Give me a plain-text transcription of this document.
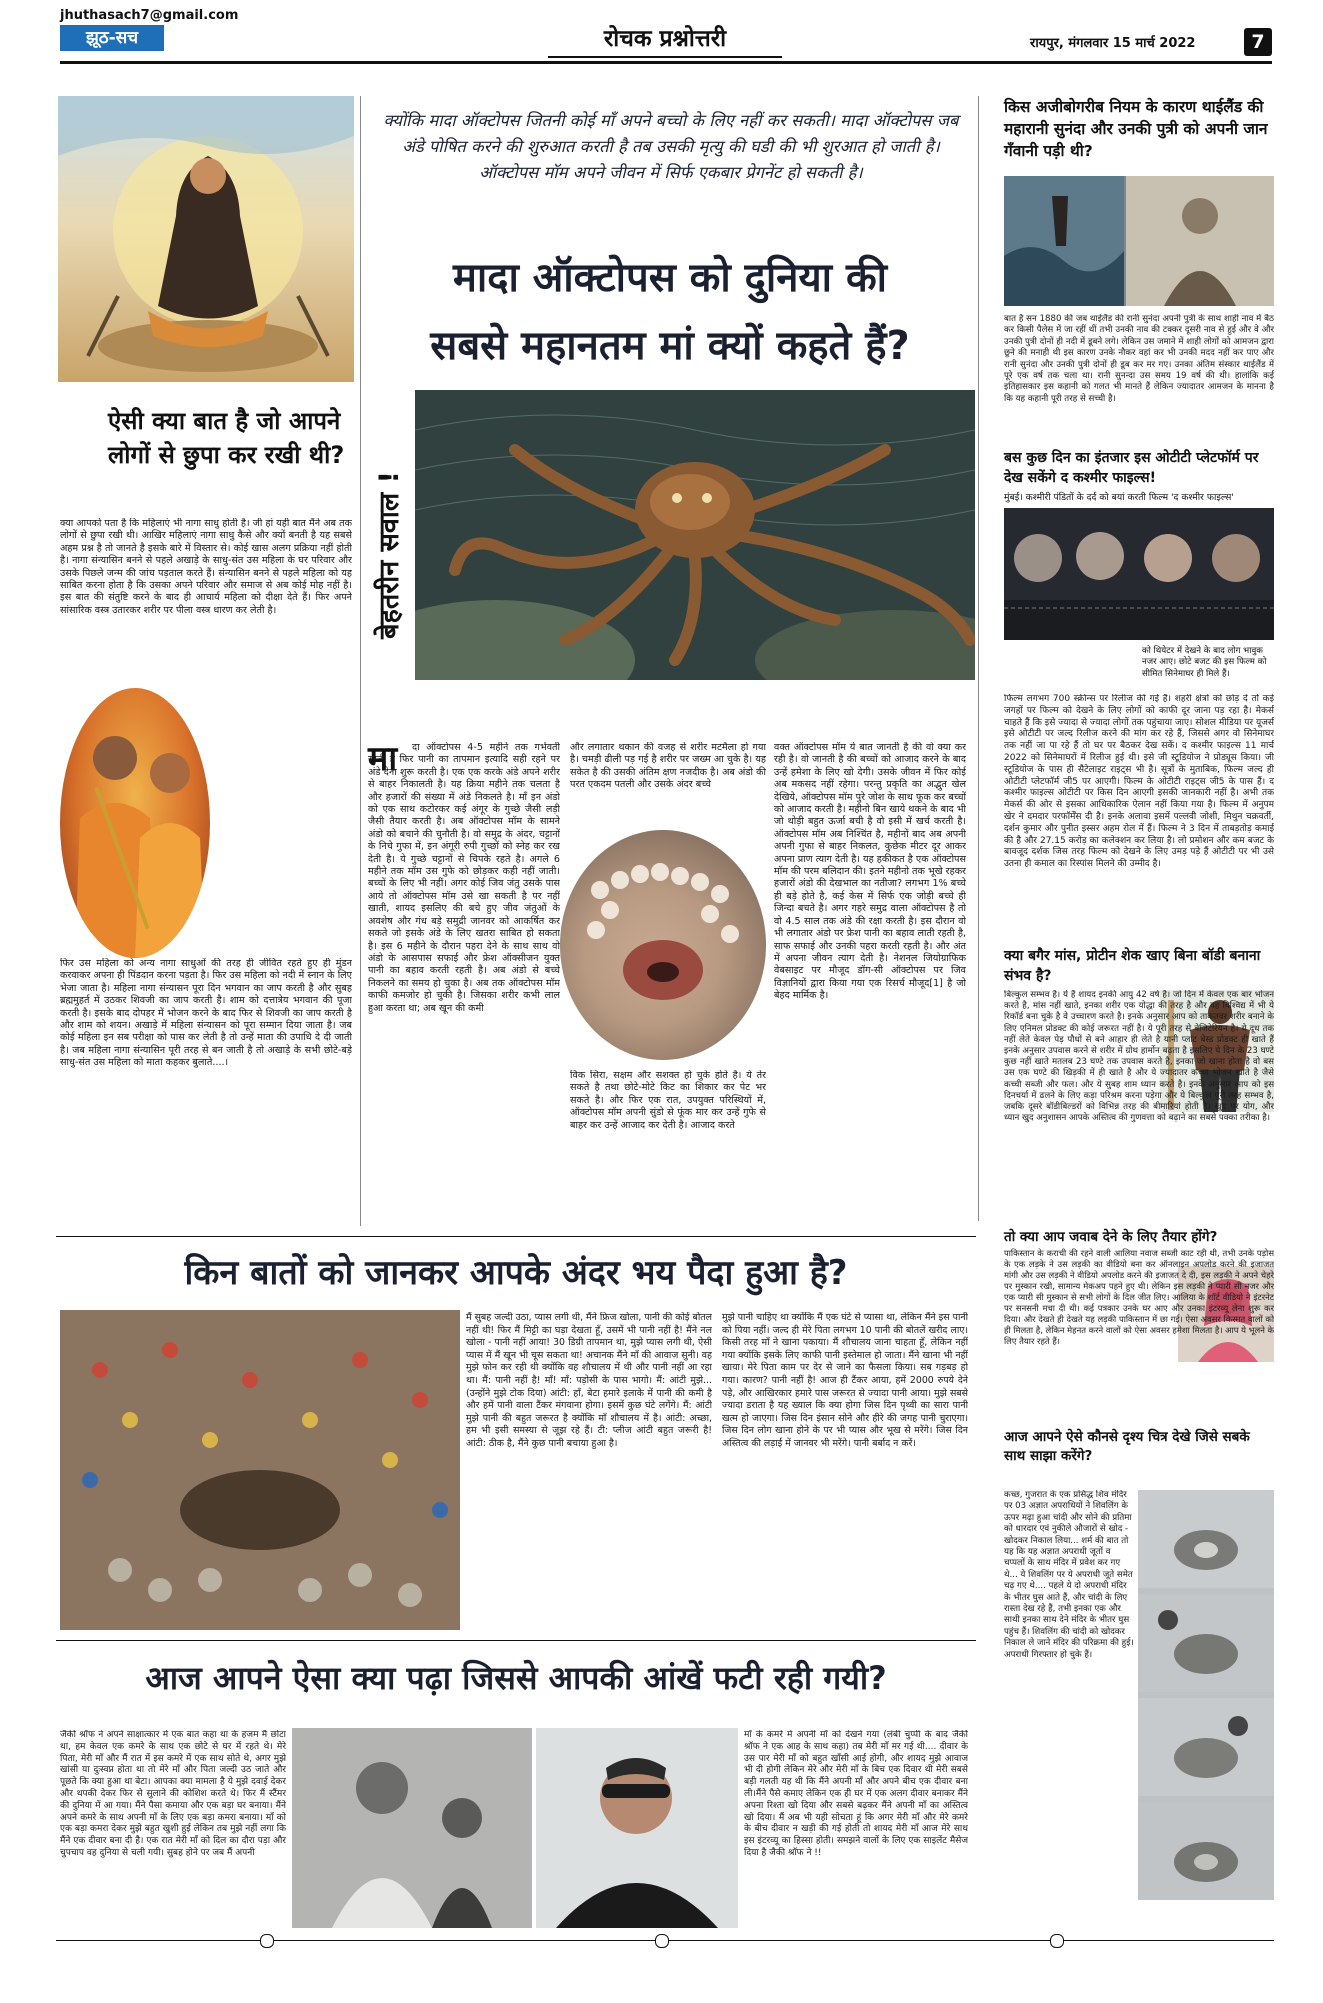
jhuthasach7@gmail.com
झूठ-सच	रोचक प्रश्नोत्तरी	रायपुर, मंगलवार 15 मार्च 2022	7
ऐसी क्या बात है जो आपने लोगों से छुपा कर रखी थी?
क्या आपको पता है कि महिलाएं भी नागा साधु होती है। जी हां यही बात मैंने अब तक लोगों से छुपा रखी थी। आखिर महिलाएं नागा साधु कैसे और क्यों बनती है यह सबसे अहम प्रश्न है तो जानते है इसके बारे में विस्तार से। कोई खास अलग प्रक्रिया नहीं होती है। नागा संन्यासिन बनने से पहले अखाड़े के साधु-संत उस महिला के घर परिवार और उसके पिछले जन्म की जांच पड़ताल करते हैं। संन्यासिन बनने से पहले महिला को यह साबित करना होता है कि उसका अपने परिवार और समाज से अब कोई मोह नहीं है। इस बात की संतुष्टि करने के बाद ही आचार्य महिला को दीक्षा देते हैं। फिर अपने सांसारिक वस्त्र उतारकर शरीर पर पीला वस्त्र धारण कर लेती है।
फिर उस महिला को अन्य नागा साधुओं की तरह ही जीवित रहते हुए ही मुंडन करवाकर अपना ही पिंडदान करना पड़ता है। फिर उस महिला को नदी में स्नान के लिए भेजा जाता है। महिला नागा संन्यासन पूरा दिन भगवान का जाप करती है और सुबह ब्रह्ममुहर्त में उठकर शिवजी का जाप करती है। शाम को दत्तात्रेय भगवान की पूजा करती है। इसके बाद दोपहर में भोजन करने के बाद फिर से शिवजी का जाप करती है और शाम को शयन। अखाड़े में महिला संन्यासन को पूरा सम्मान दिया जाता है। जब कोई महिला इन सब परीक्षा को पास कर लेती है तो उन्हें माता की उपाधि दे दी जाती है। जब महिला नागा संन्यासिन पूरी तरह से बन जाती है तो अखाड़े के सभी छोटे-बड़े साधु-संत उस महिला को माता कहकर बुलाते....।
क्योंकि मादा ऑक्टोपस जितनी कोई माँ अपने बच्चो के लिए नहीं कर सकती। मादा ऑक्टोपस जब अंडे पोषित करने की शुरुआत करती है तब उसकी मृत्यु की घडी की भी शुरआत हो जाती है। ऑक्टोपस मॉम अपने जीवन में सिर्फ एकबार प्रेगनेंट हो सकती है।
मादा ऑक्टोपस को दुनिया की
सबसे महानतम मां क्यों कहते हैं?
बेहतरीन सवाल !
मा	दा ऑक्टोपस 4-5 महीने तक गर्भवती रहती है फिर पानी का तापमान इत्यादि सही रहने पर अंडे देना शुरू करती है। एक एक करके अंडे अपने शरीर से बाहर निकालती है। यह क्रिया महीने तक चलता है और हजारों की संख्या में अंडे निकलते है। माँ इन अंडो को एक साथ कटोरकर कई अंगूर के गुच्छे जैसी लड़ी जैसी तैयार करती है। अब ऑक्टोपस मॉम के सामने अंडो को बचाने की चुनौती है। वो समुद्र के अंदर, चट्टानों के निचे गुफा में, इन अंगूरी रुपी गुच्छों को स्नेह कर रख देती है। ये गुच्छे चट्टानों से चिपके रहते है। अगले 6 महीने तक मॉम उस गुफे को छोड़कर कही नहीं जाती। बच्चों के लिए भी नहीं। अगर कोई जिव जंतु उसके पास आये तो ऑक्टोपस मॉम उसे खा सकती है पर नहीं खाती, शायद इसलिए की बचे हुए जीव जंतुओं के अवशेष और गंध बड़े समुद्री जानवर को आकर्षित कर सकते जो इसके अंडे के लिए खतरा साबित हो सकता है। इस 6 महीने के दौरान पहरा देने के साथ साथ वो अंडो के आसपास सफाई और फ्रेश ऑक्सीजन युक्त पानी का बहाव करती रहती है। अब अंडो से बच्चे निकलने का समय हो चुका है। अब तक ऑक्टोपस मॉम काफी कमजोर हो चुकी है। जिसका शरीर कभी लाल हुआ करता था; अब खून की कमी
और लगातार थकान की वजह से शरीर मटमैला हो गया है। चमड़ी ढीली पड़ गई है शरीर पर जख्म आ चुके है। यह सकेत है की उसकी अंतिम क्षण नजदीक है। अब अंडो की परत एकदम पतली और उसके अंदर बच्चे
विक सिरा, सक्षम और सशक्त हो चुके होते है। ये तेर सकते है तथा छोटे-मोटे किट का शिकार कर पेट भर सकते है। और फिर एक रात, उपयुक्त परिस्थियों में, ऑक्टोपस मॉम अपनी सुंडो से फूंक मार कर उन्हें गुफे से बाहर कर उन्हें आजाद कर देती है। आजाद करते
वक्त ऑक्टोपस मॉम ये बात जानती है की वो क्या कर रही है। वो जानती है की बच्चों को आजाद करने के बाद उन्हें हमेशा के लिए खो देगी। उसके जीवन में फिर कोई अब मकसद नहीं रहेगा। परन्तु प्रकृति का अद्भुत खेल देखिये, ऑक्टोपस मॉम पुरे जोश के साथ फूक कर बच्चों को आजाद करती है। महीनो बिन खाये थकने के बाद भी जो थोड़ी बहुत ऊर्जा बची है वो इसी में खर्च करती है। ऑक्टोपस मॉम अब निश्चिंत है, महीनों बाद अब अपनी अपनी गुफा से बाहर निकलत, कुछेक मीटर दूर आकर अपना प्राण त्याग देती है। यह हकीकत है एक ऑक्टोपस मॉम की परम बलिदान की। इतने महीनो तक भूखे रहकर हजारों अंडो की देखभाल का नतीजा? लगभग 1% बच्चे ही बड़े होते है, कई केस में सिर्फ एक जोड़ी बच्चे ही जिन्दा बचते है। अगर गहरे समुद्र वाला ऑक्टोपस है तो वो 4.5 साल तक अंडे की रक्षा करती है। इस दौरान वो भी लगातार अंडो पर फ्रेश पानी का बहाव लाती रहती है, साफ सफाई और उनकी पहरा करती रहती है। और अंत में अपना जीवन त्याग देती है। नेशनल जियोग्राफिक वेबसाइट पर मौजूद डॉग-सी ऑक्टोपस पर जिव विज्ञानियों द्वारा किया गया एक रिसर्च मौजूद[1] है जो बेहद मार्मिक है।
किस अजीबोगरीब नियम के कारण थाईलैंड की महारानी सुनंदा और उनकी पुत्री को अपनी जान गँवानी पड़ी थी?
बात है सन 1880 की जब थाईलैंड की रानी सुनंदा अपनी पुत्री के साथ शाही नाव में बैठ कर किसी पैलेस में जा रहीं थीं तभी उनकी नाव की टक्कर दूसरी नाव से हुई और वे और उनकी पुत्री दोनों ही नदी में डूबने लगे। लेकिन उस जमाने में शाही लोगों को आमजन द्वारा छूने की मनाही थी इस कारण उनके नौकर वहां कर भी उनकी मदद नहीं कर पाए और रानी सुनंदा और उनकी पुत्री दोनों ही डूब कर मर गए। उनका अंतिम संस्कार थाईलैंड में पूरे एक वर्ष तक चला था। रानी सुनन्दा उस समय 19 वर्ष की थी। हालांकि कई इतिहासकार इस कहानी को गलत भी मानते हैं लेकिन ज्यादातर आमजन के मानना है कि यह कहानी पूरी तरह से सच्ची है।
बस कुछ दिन का इंतजार इस ओटीटी प्लेटफॉर्म पर देख सकेंगे द कश्मीर फाइल्स!
मुंबई। कश्मीरी पंडितों के दर्द को बयां करती फिल्म 'द कश्मीर फाइल्स'
को थियेटर में देखने के बाद लोग भावुक नजर आए। छोटे बजट की इस फिल्म को सीमित सिनेमाघर ही मिले हैं।
फिल्म लगभग 700 स्क्रीन्स पर रिलीज की गई है। शहरी क्षेत्रों को छोड़ दें तो कई जगहों पर फिल्म को देखने के लिए लोगों को काफी दूर जाना पड़ रहा है। मेकर्स चाहते हैं कि इसे ज्यादा से ज्यादा लोगों तक पहुंचाया जाए। सोशल मीडिया पर यूजर्स इसे ओटीटी पर जल्द रिलीज करने की मांग कर रहे हैं, जिससे अगर वो सिनेमाघर तक नहीं जा पा रहे हैं तो घर पर बैठकर देख सकें। द कश्मीर फाइल्स 11 मार्च 2022 को सिनेमाघरों में रिलीज हुई थी। इसे जी स्टूडियोज ने प्रोड्यूस किया। जी स्टूडियोज के पास ही सैटेलाइट राइट्स भी है। सूत्रों के मुताबिक, फिल्म जल्द ही ओटीटी प्लेटफॉर्म जी5 पर आएगी। फिल्म के ओटीटी राइट्स जी5 के पास हैं। द कश्मीर फाइल्स ओटीटी पर किस दिन आएगी इसकी जानकारी नहीं है। अभी तक मेकर्स की ओर से इसका आधिकारिक ऐलान नहीं किया गया है। फिल्म में अनुपम खेर ने दमदार परफॉर्मेंस दी है। इनके अलावा इसमें पल्लवी जोशी, मिथुन चक्रवर्ती, दर्शन कुमार और पुनीत इस्सर अहम रोल में हैं। फिल्म ने 3 दिन में ताबड़तोड़ कमाई की है और 27.15 करोड़ का कलेक्शन कर लिया है। लो प्रमोशन और कम बजट के बावजूद दर्शक जिस तरह फिल्म को देखने के लिए उमड़ पड़े हैं ओटीटी पर भी उसे उतना ही कमाल का रिस्पांस मिलने की उम्मीद है।
क्या बगैर मांस, प्रोटीन शेक खाए बिना बॉडी बनाना संभव है?
बिल्कुल सम्भव है। ये हैं शायद इनकी आयु 42 वर्ष है। जो दिन में केवल एक बार भोजन करते है, मांस नहीं खाते, इनका शरीर एक योद्धा की तरह है और वह विश्विद्य में भी ये रिकॉर्ड बना चुके है वे उच्चारण करते है। इनके अनुसार आप को ताकतवर शरीर बनाने के लिए एनिमल प्रोडक्ट की कोई जरूरत नहीं है। ये पूरी तरह से वेजिटेरियन है। ये दूध तक नहीं लेते केवल पेड़ पौधों से बने आहार ही लेते है यानी प्लांट बेस्ड प्रोडक्ट ही खाते हैं इनके अनुसार उपवास करने से शरीर में ग्रोथ हार्मोन बढ़ता है इसलिए ये दिन के 23 घण्टे कुछ नहीं खाते मतलब 23 घण्टे तक उपवास करते है, इनका जो खाना होता है वो बस उस एक घण्टे की खिड़की में ही खाते है और ये ज्यादातर कच्चा भोजन खाते है जैसे कच्ची सब्जी और फल। और ये सुबह शाम ध्यान करते है। इनके अनुसार आप को इस दिनचर्या में ढलने के लिए कड़ा परिश्रम करना पड़ेगा और ये बिल्कुल पूरी तरह सम्भव है, जबकि दूसरे बॉडीबिल्डरों को विभिन्न तरह की बीमारियां होती है। खुद पर योग, और ध्यान खुद अनुशासन आपके अस्तित्व की गुणवत्ता को बढ़ाने का सबसे पक्का तरीका है।
किन बातों को जानकर आपके अंदर भय पैदा हुआ है?
मैं सुबह जल्दी उठा, प्यास लगी थी, मैंने फ्रिज खोला, पानी की कोई बोतल नहीं थी! फिर मैं मिट्टी का घड़ा देखता हूँ, उसमें भी पानी नहीं है! मैंने नल खोला - पानी नहीं आया! 30 डिग्री तापमान था, मुझे प्यास लगी थी, ऐसी प्यास में मैं खून भी चूस सकता था! अचानक मैंने माँ की आवाज सुनी। वह मुझे फोन कर रही थी क्योंकि वह शौचालय में थी और पानी नहीं आ रहा था। मैं: पानी नहीं है! माँ! माँ: पड़ोसी के पास भागो। मैं: आंटी मुझे... (उन्होंने मुझे टोक दिया) आंटी: हाँ, बेटा हमारे इलाके में पानी की कमी है और हमें पानी वाला टैंकर मंगवाना होगा। इसमें कुछ घंटे लगेंगे। मैं: आंटी मुझे पानी की बहुत जरूरत है क्योंकि माँ शौचालय में है। आंटी: अच्छा, हम भी इसी समस्या से जूझ रहे हैं। टी: प्लीज आंटी बहुत जरूरी है! आंटी: ठीक है, मैंने कुछ पानी बचाया हुआ है।
मुझे पानी चाहिए था क्योंकि मैं एक घंटे से प्यासा था, लेकिन मैंने इस पानी को पिया नहीं। जल्द ही मेरे पिता लगभग 10 पानी की बोतलें खरीद लाए। किसी तरह माँ ने खाना पकाया। मैं शौचालय जाना चाहता हूँ, लेकिन नहीं गया क्योंकि इसके लिए काफी पानी इस्तेमाल हो जाता। मैंने खाना भी नहीं खाया। मेरे पिता काम पर देर से जाने का फैसला किया। सब गड़बड़ हो गया। कारण? पानी नहीं है! आज ही टैंकर आया, हमें 2000 रुपये देने पड़े, और आखिरकार हमारे पास जरूरत से ज्यादा पानी आया। मुझे सबसे ज्यादा डराता है यह ख्याल कि क्या होगा जिस दिन पृथ्वी का सारा पानी खत्म हो जाएगा। जिस दिन इंसान सोने और हीरे की जगह पानी चुराएगा। जिस दिन लोग खाना होने के पर भी प्यास और भूख से मरेंगे। जिस दिन अस्तित्व की लड़ाई में जानवर भी मरेंगे। पानी बर्बाद न करें।
तो क्या आप जवाब देने के लिए तैयार होंगे?
पाकिस्तान के कराची की रहने वाली आलिया नवाज सब्जी काट रही थी, तभी उनके पड़ोस के एक लड़के ने उस लड़की का वीडियो बना कर ऑनलाइन अपलोड करने की इजाजत मांगी और उस लड़की ने वीडियो अपलोड करने की इजाजत दे दी, इस लड़की ने अपने चेहरे पर मुस्कान रखी, सामान्य मेकअप पहने हुए थी। लेकिन इस लड़की ने प्यारी सी नजर और एक प्यारी सी मुस्कान से सभी लोगों के दिल जीत लिए। आलिया के शॉर्ट वीडियो ने इंटरनेट पर सनसनी मचा दी थी। कई पत्रकार उनके घर आए और उनका इंटरव्यू लेना शुरू कर दिया। और देखते ही देखते यह लड़की पाकिस्तान में छा गई। ऐसा अवसर किस्मत वालों को ही मिलता है, लेकिन मेहनत करने वालों को ऐसा अवसर हमेशा मिलता है। आप ये भूलने के लिए तैयार रहते हैं।
आज आपने ऐसे कौनसे दृश्य चित्र देखे जिसे सबके साथ साझा करेंगे?
कच्छ, गुजरात के एक प्रसिद्ध शिव मंदिर पर 03 अज्ञात अपराधियों ने शिवलिंग के ऊपर मढ़ा हुआ चांदी और सोने की प्रतिमा को धारदार एवं नुकीले औजारों से खोद - खोदकर निकाल लिया... शर्म की बात तो यह कि यह अज्ञात अपराधी जूतों व चप्पलों के साथ मंदिर में प्रवेश कर गए थे... ये शिवलिंग पर ये अपराधी जूते समेत चढ़ गए थे.... पहले ये दो अपराधी मंदिर के भीतर घुस आते हैं, और चांदी के लिए रास्ता देख रहे हैं, तभी इनका एक और साथी इनका साथ देने मंदिर के भीतर घुस पहुंच हैं। शिवलिंग की चांदी को खोदकर निकाल ले जाने मंदिर की परिक्रमा की हुई। अपराधी गिरफ्तार हो चुके हैं।
आज आपने ऐसा क्या पढ़ा जिससे आपकी आंखें फटी रही गयी?
जैकी श्रॉफ ने अपने साक्षात्कार में एक बात कहा था के हजम मैं छोटा था, हम केवल एक कमरे के साथ एक छोटे से घर में रहते थे। मेरे पिता, मेरी माँ और मैं रात में इस कमरे में एक साथ सोते थे, अगर मुझे खांसी या दुःस्वप्न होता था तो मेरे माँ और पिता जल्दी उठ जाते और पूछते कि क्या हुआ था बेटा। आपका क्या मामला है ये मुझे दवाई देकर और थपकी देकर फिर से सुलाने की कोशिश करते थे। फिर मैं स्टैंमर की दुनिया में आ गया। मैंने पैसा कमाया और एक बड़ा घर बनाया। मैंने अपने कमरे के साथ अपनी माँ के लिए एक बड़ा कमरा बनाया। माँ को एक बड़ा कमरा देकर मुझे बहुत खुशी हुई लेकिन तब मुझे नहीं लगा कि मैंने एक दीवार बना दी है। एक रात मेरी माँ को दिल का दौरा पड़ा और चुपचाप वह दुनिया से चली गयी। सुबह होने पर जब मैं अपनी
माँ के कमरे में अपनी माँ को देखने गया (लंबी चुप्पी के बाद जैकी श्रॉफ ने एक आह के साथ कहा) तब मेरी माँ मर गई थी.... दीवार के उस पार मेरी माँ को बहुत खाँसी आई होगी, और शायद मुझे आवाज भी दी होगी लेकिन मेरे और मेरी माँ के बिच एक दिवार थी मेरी सबसे बड़ी गलती यह थी कि मैंने अपनी माँ और अपने बीच एक दीवार बना ली।मैंने पैसे कमाए लेकिन एक ही घर में एक अलग दीवार बनाकर मैंने अपना रिश्ता खो दिया और सबसे बढ़कर मैंने अपनी माँ का अस्तित्व खो दिया। मैं अब भी यही सोचता हूं कि अगर मेरी माँ और मेरे कमरे के बीच दीवार न खड़ी की गई होती तो शायद मेरी माँ आज मेरे साथ इस इंटरव्यू का हिस्सा होती। समझने वालों के लिए एक साइलेंट मैसेज दिया है जैकी श्रॉफ ने !!
